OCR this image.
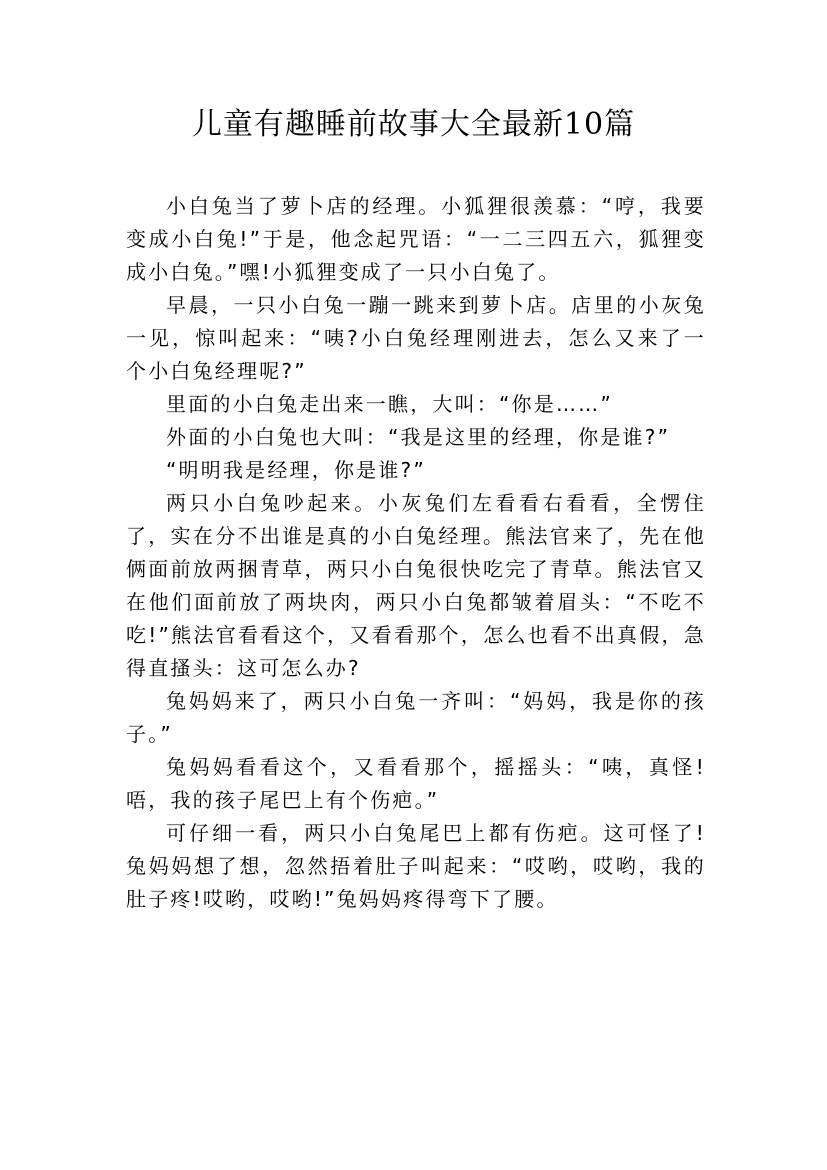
儿童有趣睡前故事大全最新10篇

小白兔当了萝卜店的经理。小狐狸很羡慕：“哼，我要变成小白兔!”于是，他念起咒语：“一二三四五六，狐狸变成小白兔。”嘿!小狐狸变成了一只小白兔了。

早晨，一只小白兔一蹦一跳来到萝卜店。店里的小灰兔一见，惊叫起来：“咦?小白兔经理刚进去，怎么又来了一个小白兔经理呢?”

里面的小白兔走出来一瞧，大叫：“你是……”

外面的小白兔也大叫：“我是这里的经理，你是谁?”

“明明我是经理，你是谁?”

两只小白兔吵起来。小灰兔们左看看右看看，全愣住了，实在分不出谁是真的小白兔经理。熊法官来了，先在他俩面前放两捆青草，两只小白兔很快吃完了青草。熊法官又在他们面前放了两块肉，两只小白兔都皱着眉头：“不吃不吃!”熊法官看看这个，又看看那个，怎么也看不出真假，急得直搔头：这可怎么办?

兔妈妈来了，两只小白兔一齐叫：“妈妈，我是你的孩子。”

兔妈妈看看这个，又看看那个，摇摇头：“咦，真怪!唔，我的孩子尾巴上有个伤疤。”

可仔细一看，两只小白兔尾巴上都有伤疤。这可怪了!兔妈妈想了想，忽然捂着肚子叫起来：“哎哟，哎哟，我的肚子疼!哎哟，哎哟!”兔妈妈疼得弯下了腰。
